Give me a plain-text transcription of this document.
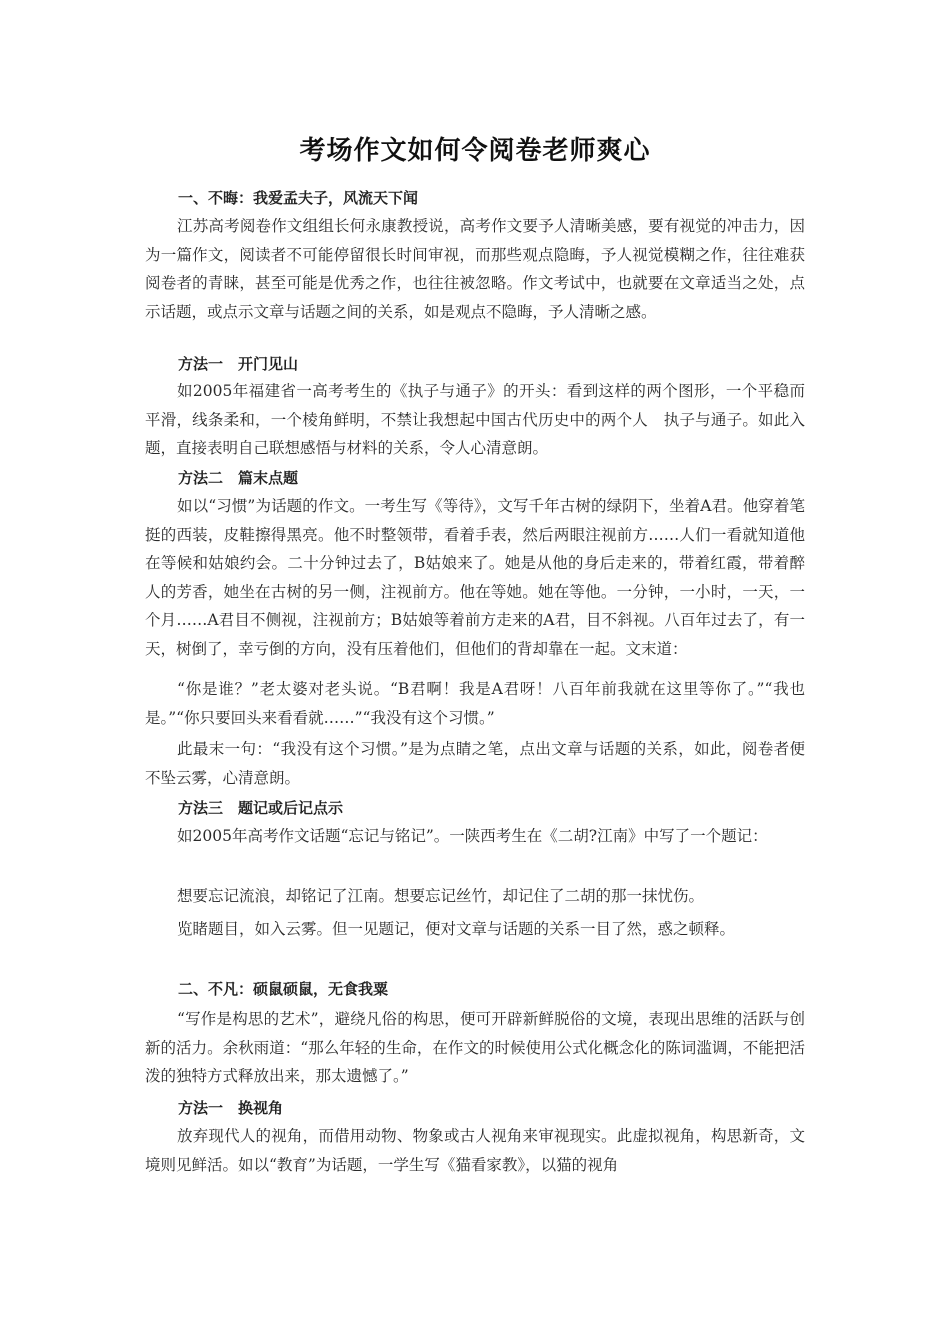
考场作文如何令阅卷老师爽心
一、不晦：我爱孟夫子，风流天下闻

江苏高考阅卷作文组组长何永康教授说，高考作文要予人清晰美感，要有视觉的冲击力，因为一篇作文，阅读者不可能停留很长时间审视，而那些观点隐晦，予人视觉模糊之作，往往难获阅卷者的青睐，甚至可能是优秀之作，也往往被忽略。作文考试中，也就要在文章适当之处，点示话题，或点示文章与话题之间的关系，如是观点不隐晦，予人清晰之感。

方法一　开门见山

如2005年福建省一高考考生的《执子与通子》的开头：看到这样的两个图形，一个平稳而平滑，线条柔和，一个棱角鲜明，不禁让我想起中国古代历史中的两个人　执子与通子。如此入题，直接表明自己联想感悟与材料的关系，令人心清意朗。

方法二　篇末点题

如以“习惯”为话题的作文。一考生写《等待》，文写千年古树的绿阴下，坐着A君。他穿着笔挺的西装，皮鞋擦得黑亮。他不时整领带，看着手表，然后两眼注视前方……人们一看就知道他在等候和姑娘约会。二十分钟过去了，B姑娘来了。她是从他的身后走来的，带着红霞，带着醉人的芳香，她坐在古树的另一侧，注视前方。他在等她。她在等他。一分钟，一小时，一天，一个月……A君目不侧视，注视前方；B姑娘等着前方走来的A君，目不斜视。八百年过去了，有一天，树倒了，幸亏倒的方向，没有压着他们，但他们的背却靠在一起。文末道：

“你是谁？”老太婆对老头说。“B君啊！我是A君呀！八百年前我就在这里等你了。”“我也是。”“你只要回头来看看就……”“我没有这个习惯。”

此最末一句：“我没有这个习惯。”是为点睛之笔，点出文章与话题的关系，如此，阅卷者便不坠云雾，心清意朗。

方法三　题记或后记点示

如2005年高考作文话题“忘记与铭记”。一陕西考生在《二胡?江南》中写了一个题记：

想要忘记流浪，却铭记了江南。想要忘记丝竹，却记住了二胡的那一抹忧伤。

览睹题目，如入云雾。但一见题记，便对文章与话题的关系一目了然，惑之顿释。

二、不凡：硕鼠硕鼠，无食我粟

“写作是构思的艺术”，避绕凡俗的构思，便可开辟新鲜脱俗的文境，表现出思维的活跃与创新的活力。余秋雨道：“那么年轻的生命，在作文的时候使用公式化概念化的陈词滥调，不能把活泼的独特方式释放出来，那太遗憾了。”

方法一　换视角

放弃现代人的视角，而借用动物、物象或古人视角来审视现实。此虚拟视角，构思新奇，文境则见鲜活。如以“教育”为话题，一学生写《猫看家教》，以猫的视角
